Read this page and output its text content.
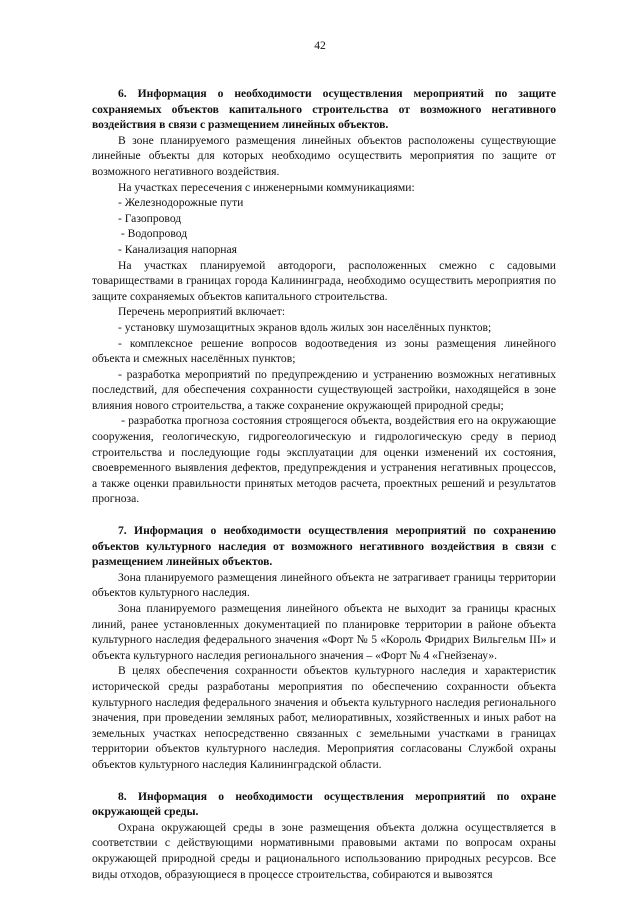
42

6. Информация о необходимости осуществления мероприятий по защите сохраняемых объектов капитального строительства от возможного негативного воздействия в связи с размещением линейных объектов.

В зоне планируемого размещения линейных объектов расположены существующие линейные объекты для которых необходимо осуществить мероприятия по защите от возможного негативного воздействия.

На участках пересечения с инженерными коммуникациями:

- Железнодорожные пути

- Газопровод

- Водопровод

- Канализация напорная

На участках планируемой автодороги, расположенных смежно с садовыми товариществами в границах города Калининграда, необходимо осуществить мероприятия по защите сохраняемых объектов капитального строительства.

Перечень мероприятий включает:

- установку шумозащитных экранов вдоль жилых зон населённых пунктов;

- комплексное решение вопросов водоотведения из зоны размещения линейного объекта и смежных населённых пунктов;

- разработка мероприятий по предупреждению и устранению возможных негативных последствий, для обеспечения сохранности существующей застройки, находящейся в зоне влияния нового строительства, а также сохранение окружающей природной среды;

- разработка прогноза состояния строящегося объекта, воздействия его на окружающие сооружения, геологическую, гидрогеологическую и гидрологическую среду в период строительства и последующие годы эксплуатации для оценки изменений их состояния, своевременного выявления дефектов, предупреждения и устранения негативных процессов, а также оценки правильности принятых методов расчета, проектных решений и результатов прогноза.

7. Информация о необходимости осуществления мероприятий по сохранению объектов культурного наследия от возможного негативного воздействия в связи с размещением линейных объектов.

Зона планируемого размещения линейного объекта не затрагивает границы территории объектов культурного наследия.

Зона планируемого размещения линейного объекта не выходит за границы красных линий, ранее установленных документацией по планировке территории в районе объекта культурного наследия федерального значения «Форт № 5 «Король Фридрих Вильгельм III» и объекта культурного наследия регионального значения – «Форт № 4 «Гнейзенау».

В целях обеспечения сохранности объектов культурного наследия и характеристик исторической среды разработаны мероприятия по обеспечению сохранности объекта культурного наследия федерального значения и объекта культурного наследия регионального значения, при проведении земляных работ, мелиоративных, хозяйственных и иных работ на земельных участках непосредственно связанных с земельными участками в границах территории объектов культурного наследия. Мероприятия согласованы Службой охраны объектов культурного наследия Калининградской области.

8. Информация о необходимости осуществления мероприятий по охране окружающей среды.

Охрана окружающей среды в зоне размещения объекта должна осуществляется в соответствии с действующими нормативными правовыми актами по вопросам охраны окружающей природной среды и рационального использованию природных ресурсов. Все виды отходов, образующиеся в процессе строительства, собираются и вывозятся
